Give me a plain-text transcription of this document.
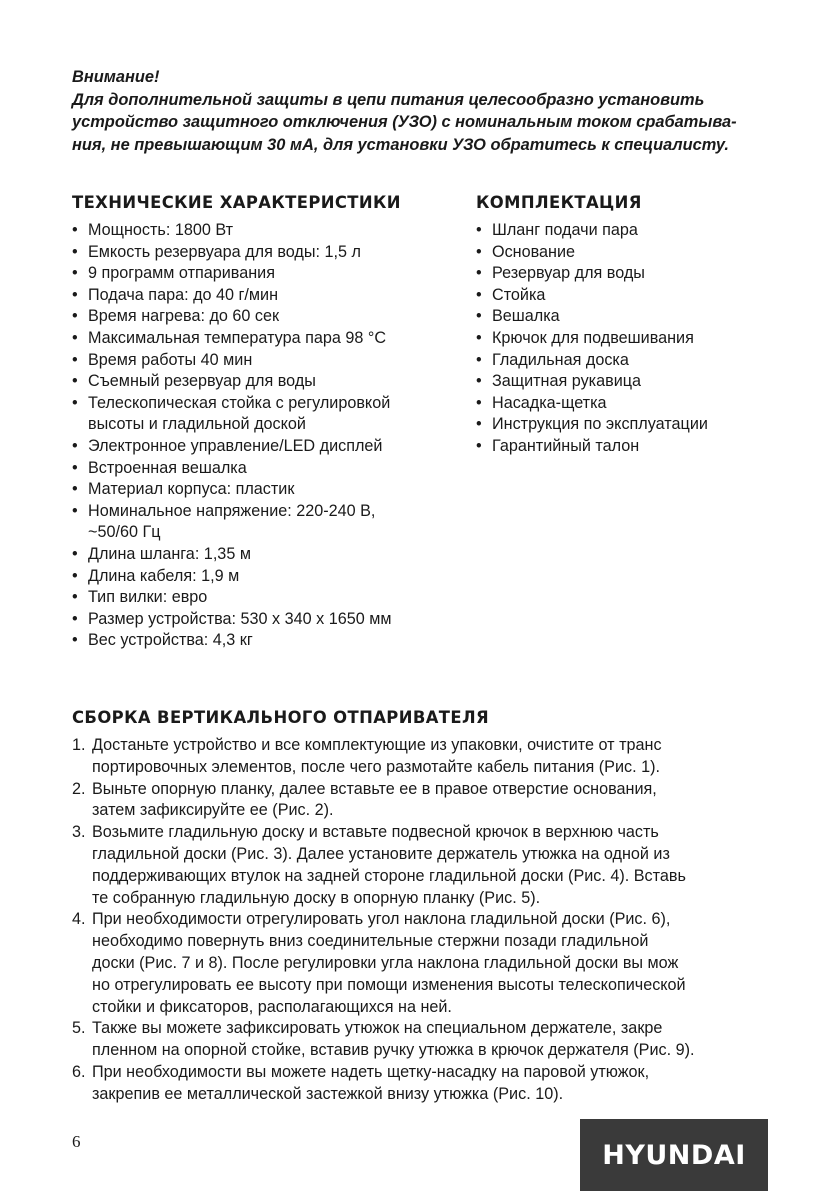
Внимание!
Для дополнительной защиты в цепи питания целесообразно установить
устройство защитного отключения (УЗО) с номинальным током срабатыва-
ния, не превышающим 30 мА, для установки УЗО обратитесь к специалисту.
ТЕХНИЧЕСКИЕ ХАРАКТЕРИСТИКИ
• Мощность: 1800 Вт
• Емкость резервуара для воды: 1,5 л
• 9 программ отпаривания
• Подача пара: до 40 г/мин
• Время нагрева: до 60 сек
• Максимальная температура пара 98 °С
• Время работы 40 мин
• Съемный резервуар для воды
• Телескопическая стойка с регулировкой
высоты и гладильной доской
• Электронное управление/LED дисплей
• Встроенная вешалка
• Материал корпуса: пластик
• Номинальное напряжение: 220-240 В,
~50/60 Гц
• Длина шланга: 1,35 м
• Длина кабеля: 1,9 м
• Тип вилки: евро
• Размер устройства: 530 х 340 х 1650 мм
• Вес устройства: 4,3 кг
КОМПЛЕКТАЦИЯ
• Шланг подачи пара
• Основание
• Резервуар для воды
• Стойка
• Вешалка
• Крючок для подвешивания
• Гладильная доска
• Защитная рукавица
• Насадка-щетка
• Инструкция по эксплуатации
• Гарантийный талон
СБОРКА ВЕРТИКАЛЬНОГО ОТПАРИВАТЕЛЯ
1. Достаньте устройство и все комплектующие из упаковки, очистите от транс
портировочных элементов, после чего размотайте кабель питания (Рис. 1).
2. Выньте опорную планку, далее вставьте ее в правое отверстие основания,
затем зафиксируйте ее (Рис. 2).
3. Возьмите гладильную доску и вставьте подвесной крючок в верхнюю часть
гладильной доски (Рис. 3). Далее установите держатель утюжка на одной из
поддерживающих втулок на задней стороне гладильной доски (Рис. 4). Вставь
те собранную гладильную доску в опорную планку (Рис. 5).
4. При необходимости отрегулировать угол наклона гладильной доски (Рис. 6),
необходимо повернуть вниз соединительные стержни позади гладильной
доски (Рис. 7 и 8). После регулировки угла наклона гладильной доски вы мож
но отрегулировать ее высоту при помощи изменения высоты телескопической
стойки и фиксаторов, располагающихся на ней.
5. Также вы можете зафиксировать утюжок на специальном держателе, закре
пленном на опорной стойке, вставив ручку утюжка в крючок держателя (Рис. 9).
6. При необходимости вы можете надеть щетку-насадку на паровой утюжок,
закрепив ее металлической застежкой внизу утюжка (Рис. 10).
6	HYUNDAI
